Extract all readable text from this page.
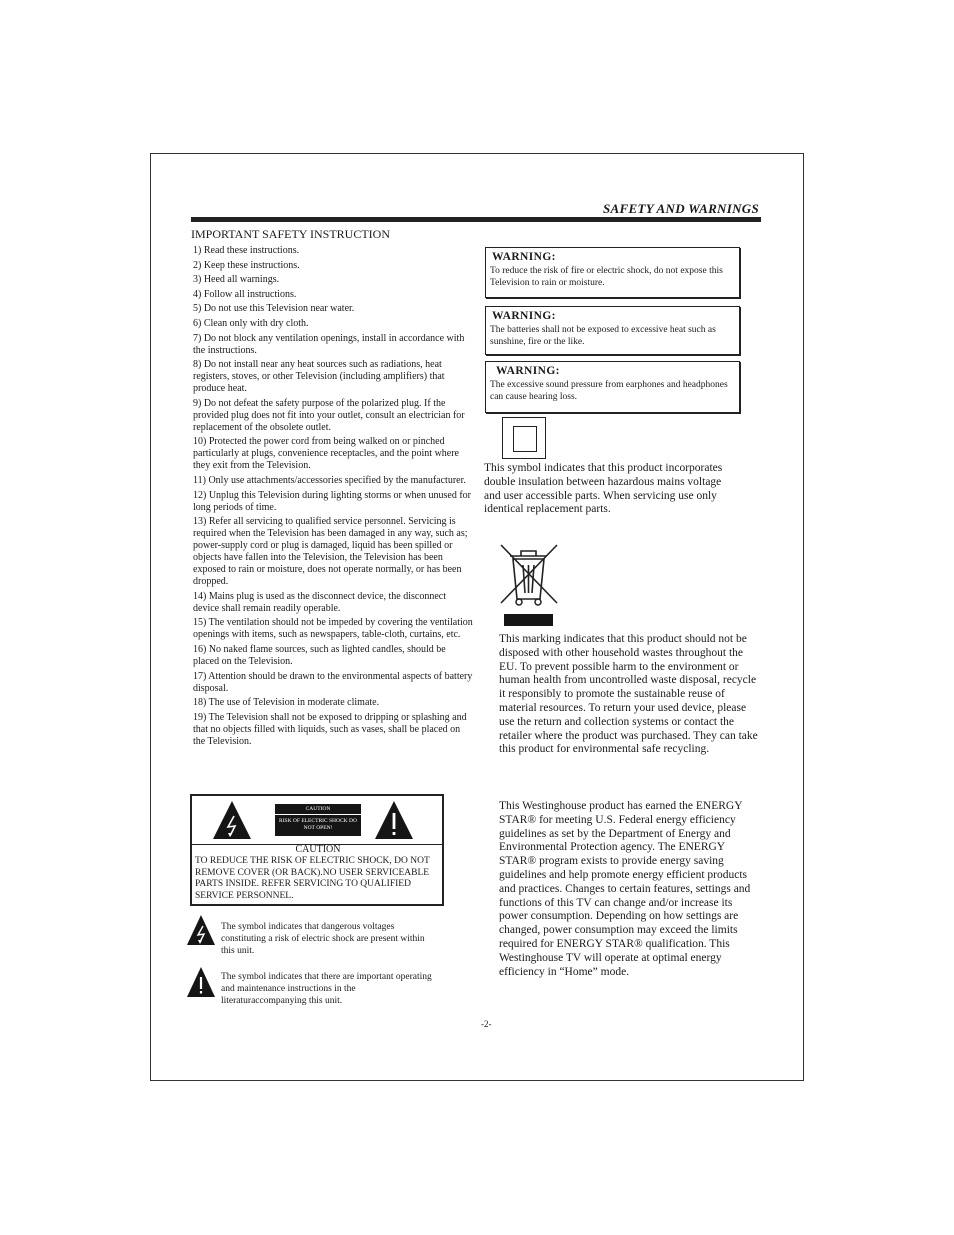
SAFETY AND WARNINGS
IMPORTANT SAFETY INSTRUCTION
1) Read these instructions.
2) Keep these instructions.
3) Heed all warnings.
4) Follow all instructions.
5) Do not use this Television near water.
6) Clean only with dry cloth.
7) Do not block any ventilation openings, install in accordance with the instructions.
8) Do not install near any heat sources such as radiations, heat registers, stoves, or other Television (including amplifiers) that produce heat.
9) Do not defeat the safety purpose of the polarized plug. If the provided plug does not fit into your outlet, consult an electrician for replacement of the obsolete outlet.
10) Protected the power cord from being walked on or pinched particularly at plugs, convenience receptacles, and the point where they exit from the Television.
11) Only use attachments/accessories specified by the manufacturer.
12) Unplug this Television during lighting storms or when unused for long periods of time.
13) Refer all servicing to qualified service personnel. Servicing is required when the Television has been damaged in any way, such as; power-supply cord or plug is damaged, liquid has been spilled or objects have fallen into the Television, the Television has been exposed to rain or moisture, does not operate normally, or has been dropped.
14) Mains plug is used as the disconnect device, the disconnect device shall remain readily operable.
15) The ventilation should not be impeded by covering the ventilation openings with items, such as newspapers, table-cloth, curtains, etc.
16) No naked flame sources, such as lighted candles, should be placed on the Television.
17) Attention should be drawn to the environmental aspects of battery disposal.
18) The use of Television in moderate climate.
19) The Television shall not be exposed to dripping or splashing and that no objects filled with liquids, such as vases, shall be placed on the Television.
CAUTION
RISK OF ELECTRIC SHOCK DO NOT OPEN!
CAUTION
TO REDUCE THE RISK OF ELECTRIC SHOCK, DO NOT REMOVE COVER (OR BACK).NO USER SERVICEABLE PARTS INSIDE. REFER SERVICING TO QUALIFIED SERVICE PERSONNEL.
The symbol indicates that dangerous voltages constituting a risk of electric shock are present within this unit.
The symbol indicates that there are important operating and maintenance instructions in the literaturaccompanying this unit.
WARNING:
To reduce the risk of fire or electric shock, do not expose this Television to rain or moisture.
WARNING:
The batteries shall not be exposed to excessive heat such as sunshine, fire or the like.
WARNING:
The excessive sound pressure from earphones and headphones can cause hearing loss.
This symbol indicates that this product incorporates double insulation between hazardous mains voltage and user accessible parts. When servicing use only identical replacement parts.
This marking indicates that this product should not be disposed with other household wastes throughout the EU. To prevent possible harm to the environment or human health from uncontrolled waste disposal, recycle it responsibly to promote the sustainable reuse of material resources. To return your used device, please use the return and collection systems or contact the retailer where the product was purchased. They can take this product for environmental safe recycling.
This Westinghouse product has earned the ENERGY STAR® for meeting U.S. Federal energy efficiency guidelines as set by the Department of Energy and Environmental Protection agency. The ENERGY STAR® program exists to provide energy saving guidelines and help promote energy efficient products and practices. Changes to certain features, settings and functions of this TV can change and/or increase its power consumption. Depending on how settings are changed, power consumption may exceed the limits required for ENERGY STAR® qualification. This Westinghouse TV will operate at optimal energy efficiency in “Home” mode.
-2-
